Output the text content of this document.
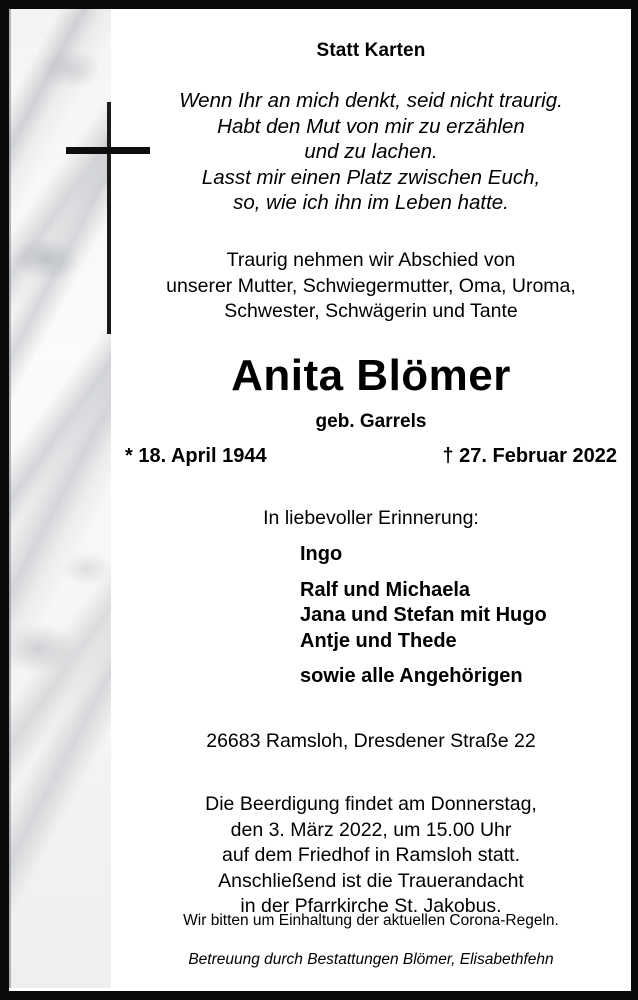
Statt Karten
Wenn Ihr an mich denkt, seid nicht traurig.
Habt den Mut von mir zu erzählen
und zu lachen.
Lasst mir einen Platz zwischen Euch,
so, wie ich ihn im Leben hatte.
Traurig nehmen wir Abschied von
unserer Mutter, Schwiegermutter, Oma, Uroma,
Schwester, Schwägerin und Tante
Anita Blömer
geb. Garrels
* 18. April 1944	† 27. Februar 2022
In liebevoller Erinnerung:
Ingo
Ralf und Michaela
Jana und Stefan mit Hugo
Antje und Thede
sowie alle Angehörigen
26683 Ramsloh, Dresdener Straße 22
Die Beerdigung findet am Donnerstag,
den 3. März 2022, um 15.00 Uhr
auf dem Friedhof in Ramsloh statt.
Anschließend ist die Trauerandacht
in der Pfarrkirche St. Jakobus.
Wir bitten um Einhaltung der aktuellen Corona-Regeln.
Betreuung durch Bestattungen Blömer, Elisabethfehn
